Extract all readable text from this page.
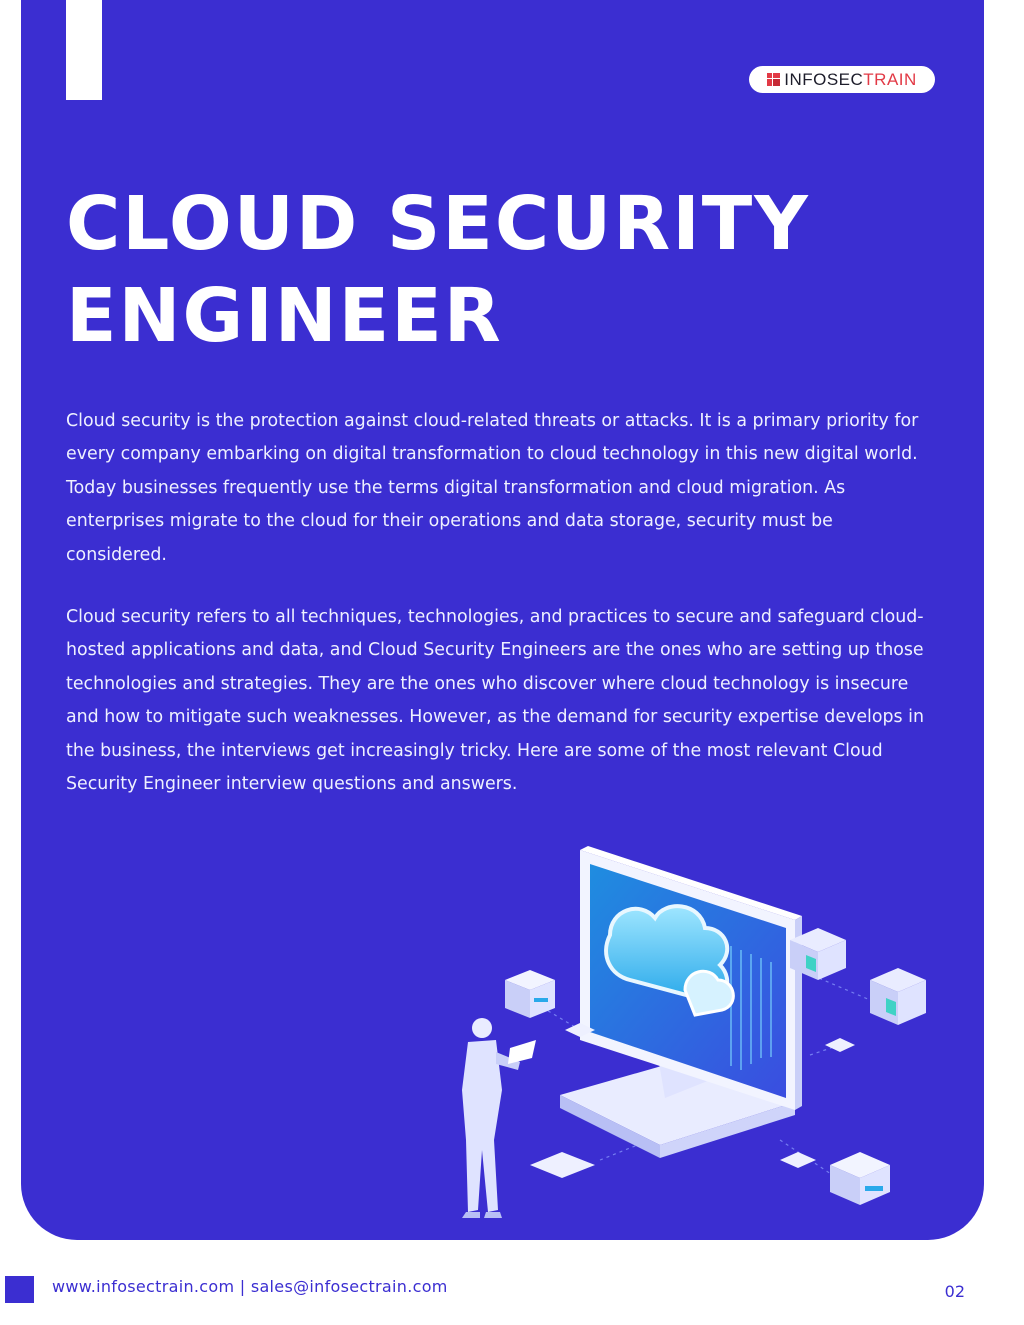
INFOSECTRAIN
CLOUD SECURITY
ENGINEER

Cloud security is the protection against cloud-related threats or attacks. It is a primary priority for every company embarking on digital transformation to cloud technology in this new digital world. Today businesses frequently use the terms digital transformation and cloud migration. As enterprises migrate to the cloud for their operations and data storage, security must be considered.

Cloud security refers to all techniques, technologies, and practices to secure and safeguard cloud-hosted applications and data, and Cloud Security Engineers are the ones who are setting up those technologies and strategies. They are the ones who discover where cloud technology is insecure and how to mitigate such weaknesses. However, as the demand for security expertise develops in the business, the interviews get increasingly tricky. Here are some of the most relevant Cloud Security Engineer interview questions and answers.

www.infosectrain.com | sales@infosectrain.com	02
